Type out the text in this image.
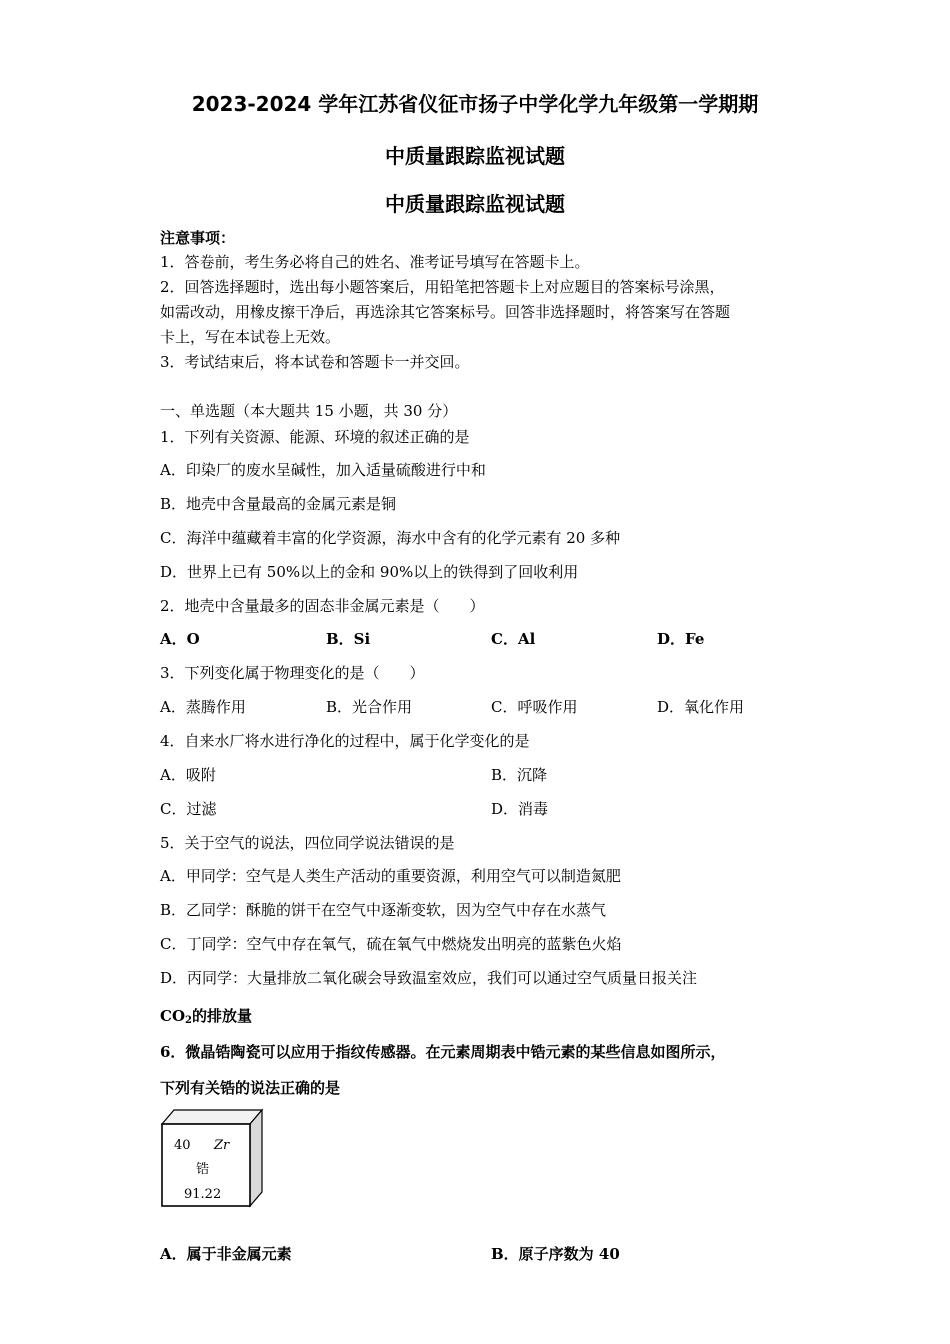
2023-2024 学年江苏省仪征市扬子中学化学九年级第一学期期
中质量跟踪监视试题
中质量跟踪监视试题
注意事项：
1．答卷前，考生务必将自己的姓名、准考证号填写在答题卡上。
2．回答选择题时，选出每小题答案后，用铅笔把答题卡上对应题目的答案标号涂黑，
如需改动，用橡皮擦干净后，再选涂其它答案标号。回答非选择题时，将答案写在答题
卡上，写在本试卷上无效。
3．考试结束后，将本试卷和答题卡一并交回。
一、单选题（本大题共 15 小题，共 30 分）
1．下列有关资源、能源、环境的叙述正确的是
A．印染厂的废水呈碱性，加入适量硫酸进行中和
B．地壳中含量最高的金属元素是铜
C．海洋中蕴藏着丰富的化学资源，海水中含有的化学元素有 20 多种
D．世界上已有 50%以上的金和 90%以上的铁得到了回收利用
2．地壳中含量最多的固态非金属元素是（　　）
A．O	B．Si	C．Al	D．Fe
3．下列变化属于物理变化的是（　　）
A．蒸腾作用	B．光合作用	C．呼吸作用	D．氧化作用
4．自来水厂将水进行净化的过程中，属于化学变化的是
A．吸附	B．沉降
C．过滤	D．消毒
5．关于空气的说法，四位同学说法错误的是
A．甲同学：空气是人类生产活动的重要资源，利用空气可以制造氮肥
B．乙同学：酥脆的饼干在空气中逐渐变软，因为空气中存在水蒸气
C．丁同学：空气中存在氧气，硫在氧气中燃烧发出明亮的蓝紫色火焰
D．丙同学：大量排放二氧化碳会导致温室效应，我们可以通过空气质量日报关注
$CO_2$的排放量
6．微晶锆陶瓷可以应用于指纹传感器。在元素周期表中锆元素的某些信息如图所示，
下列有关锆的说法正确的是
40 Zr
锆
91.22
A．属于非金属元素	B．原子序数为 40
